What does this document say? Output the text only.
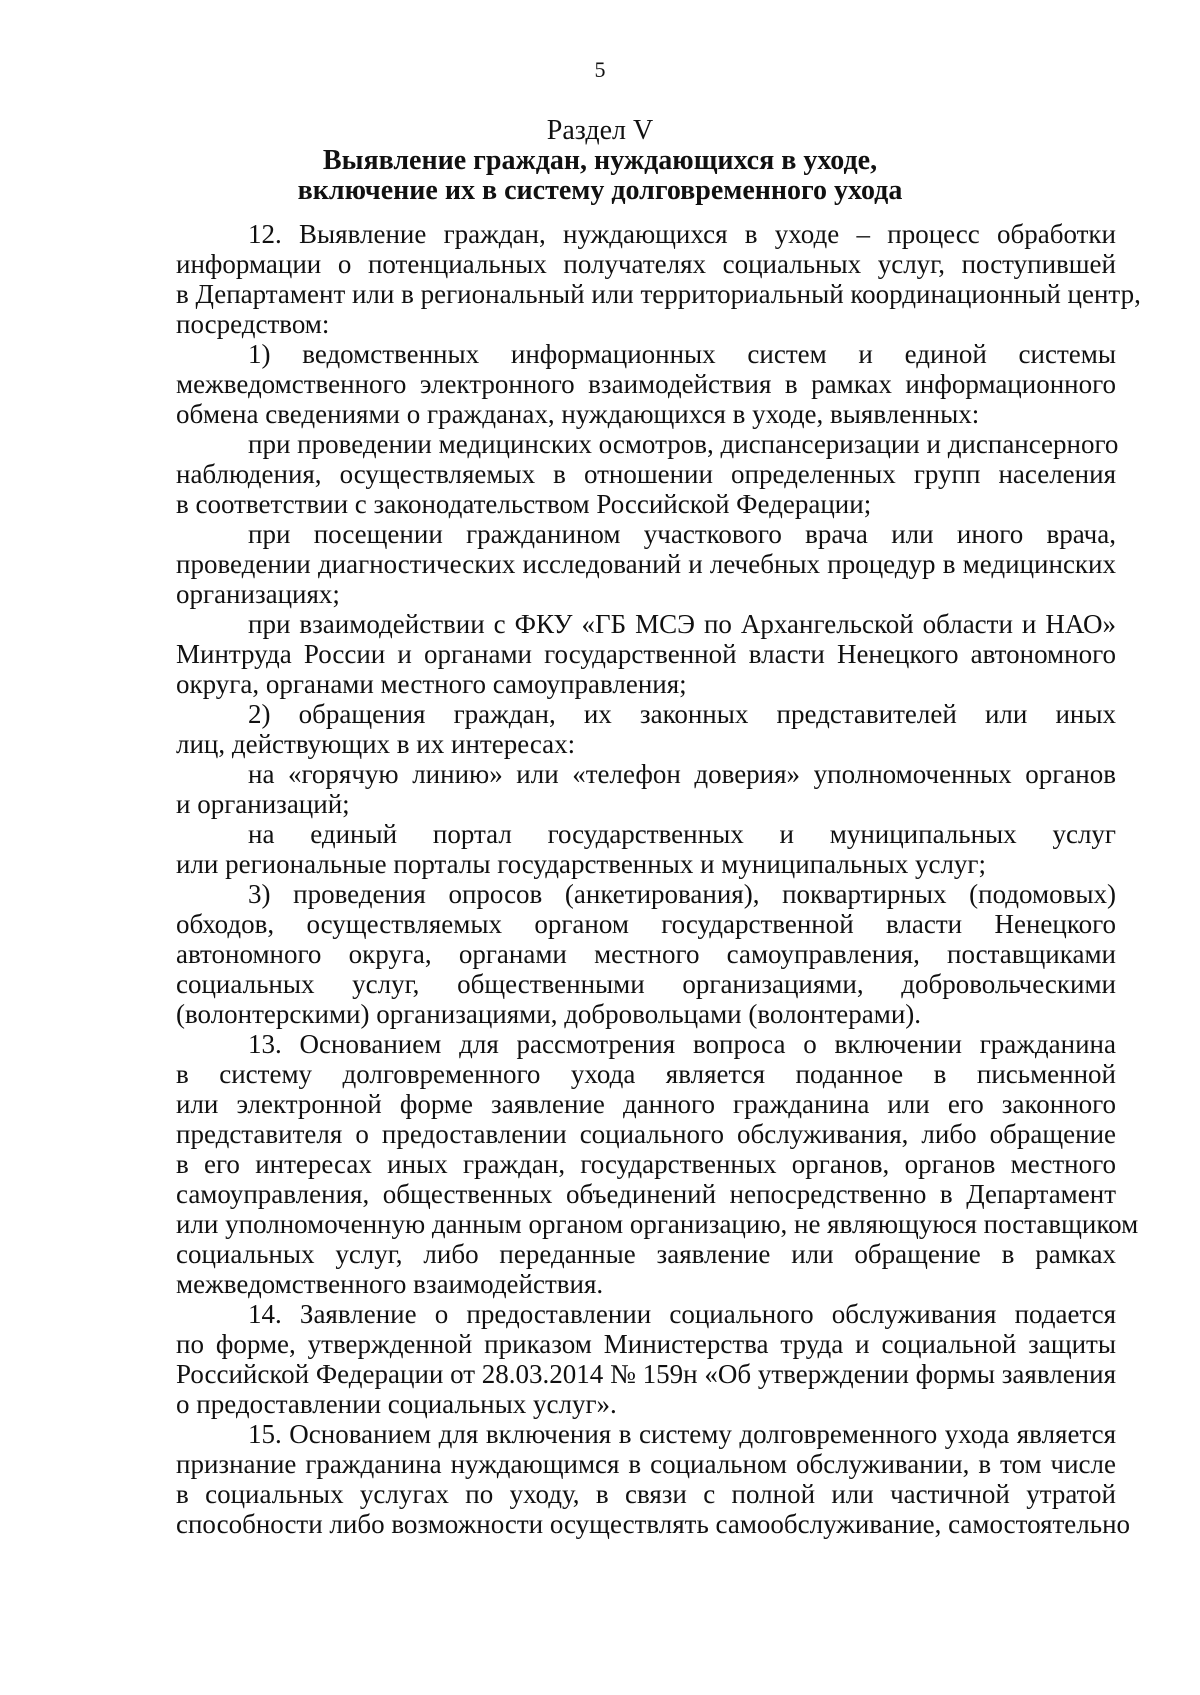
5
Раздел V
Выявление граждан, нуждающихся в уходе,
включение их в систему долговременного ухода
12. Выявление граждан, нуждающихся в уходе – процесс обработки
информации о потенциальных получателях социальных услуг, поступившей
в Департамент или в региональный или территориальный координационный центр,
посредством:
1) ведомственных информационных систем и единой системы
межведомственного электронного взаимодействия в рамках информационного
обмена сведениями о гражданах, нуждающихся в уходе, выявленных:
при проведении медицинских осмотров, диспансеризации и диспансерного
наблюдения, осуществляемых в отношении определенных групп населения
в соответствии с законодательством Российской Федерации;
при посещении гражданином участкового врача или иного врача,
проведении диагностических исследований и лечебных процедур в медицинских
организациях;
при взаимодействии с ФКУ «ГБ МСЭ по Архангельской области и НАО»
Минтруда России и органами государственной власти Ненецкого автономного
округа, органами местного самоуправления;
2) обращения граждан, их законных представителей или иных
лиц, действующих в их интересах:
на «горячую линию» или «телефон доверия» уполномоченных органов
и организаций;
на единый портал государственных и муниципальных услуг
или региональные порталы государственных и муниципальных услуг;
3) проведения опросов (анкетирования), поквартирных (подомовых)
обходов, осуществляемых органом государственной власти Ненецкого
автономного округа, органами местного самоуправления, поставщиками
социальных услуг, общественными организациями, добровольческими
(волонтерскими) организациями, добровольцами (волонтерами).
13. Основанием для рассмотрения вопроса о включении гражданина
в систему долговременного ухода является поданное в письменной
или электронной форме заявление данного гражданина или его законного
представителя о предоставлении социального обслуживания, либо обращение
в его интересах иных граждан, государственных органов, органов местного
самоуправления, общественных объединений непосредственно в Департамент
или уполномоченную данным органом организацию, не являющуюся поставщиком
социальных услуг, либо переданные заявление или обращение в рамках
межведомственного взаимодействия.
14. Заявление о предоставлении социального обслуживания подается
по форме, утвержденной приказом Министерства труда и социальной защиты
Российской Федерации от 28.03.2014 № 159н «Об утверждении формы заявления
о предоставлении социальных услуг».
15. Основанием для включения в систему долговременного ухода является
признание гражданина нуждающимся в социальном обслуживании, в том числе
в социальных услугах по уходу, в связи с полной или частичной утратой
способности либо возможности осуществлять самообслуживание, самостоятельно
